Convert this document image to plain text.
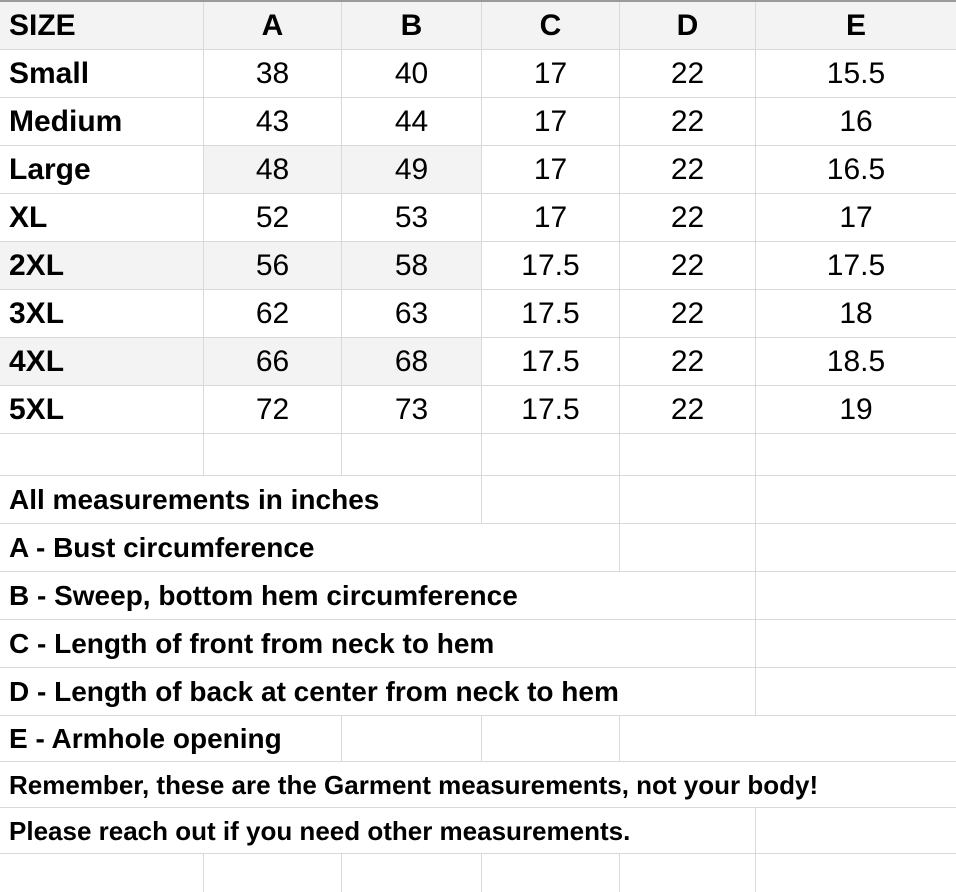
SIZE	A	B	C	D	E
Small	38	40	17	22	15.5
Medium	43	44	17	22	16
Large	48	49	17	22	16.5
XL	52	53	17	22	17
2XL	56	58	17.5	22	17.5
3XL	62	63	17.5	22	18
4XL	66	68	17.5	22	18.5
5XL	72	73	17.5	22	19
All measurements in inches
A - Bust circumference
B - Sweep, bottom hem circumference
C - Length of front from neck to hem
D - Length of back at center from neck to hem
E - Armhole opening
Remember, these are the Garment measurements, not your body!
Please reach out if you need other measurements.
